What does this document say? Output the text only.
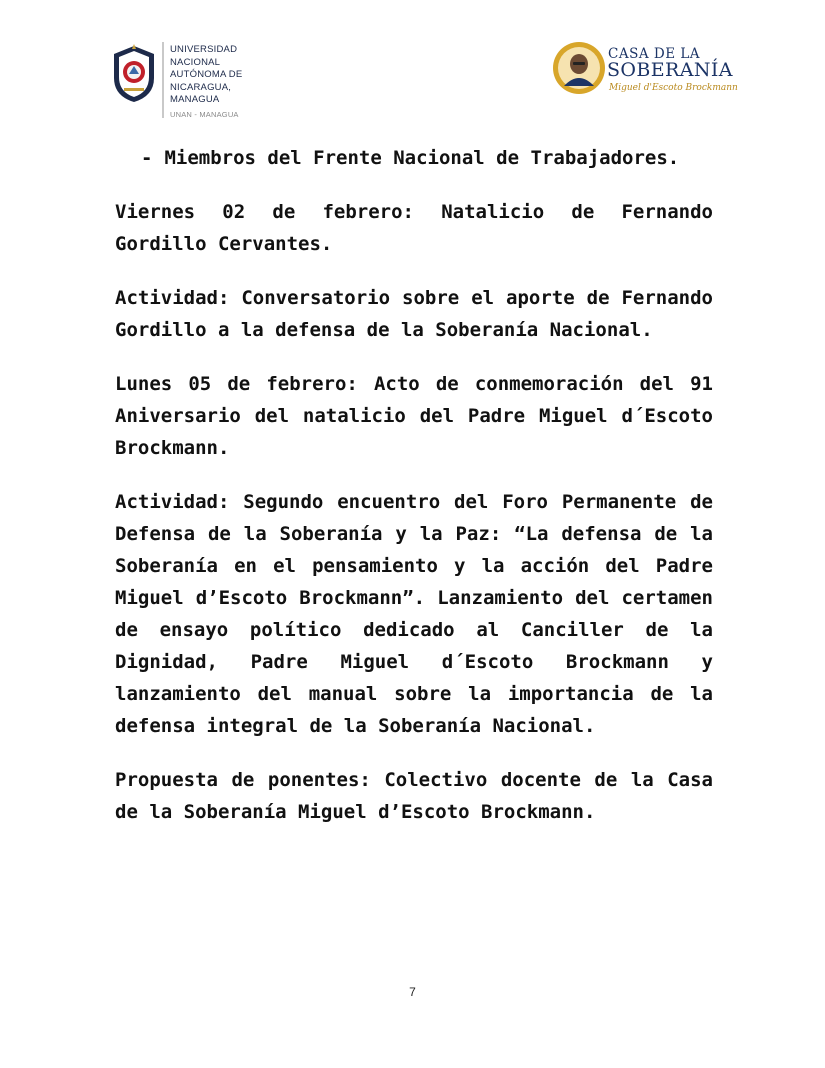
UNIVERSIDAD
NACIONAL
AUTÓNOMA DE
NICARAGUA,
MANAGUA
UNAN - MANAGUA
CASA DE LA
SOBERANÍA
Miguel d'Escoto Brockmann
- Miembros del Frente Nacional de Trabajadores.

Viernes 02 de febrero: Natalicio de Fernando Gordillo Cervantes.

Actividad: Conversatorio sobre el aporte de Fernando Gordillo a la defensa de la Soberanía Nacional.

Lunes 05 de febrero: Acto de conmemoración del 91 Aniversario del natalicio del Padre Miguel d´Escoto Brockmann.

Actividad: Segundo encuentro del Foro Permanente de Defensa de la Soberanía y la Paz: “La defensa de la Soberanía en el pensamiento y la acción del Padre Miguel d’Escoto Brockmann”. Lanzamiento del certamen de ensayo político dedicado al Canciller de la Dignidad, Padre Miguel d´Escoto Brockmann y lanzamiento del manual sobre la importancia de la defensa integral de la Soberanía Nacional.

Propuesta de ponentes: Colectivo docente de la Casa de la Soberanía Miguel d’Escoto Brockmann.

7
